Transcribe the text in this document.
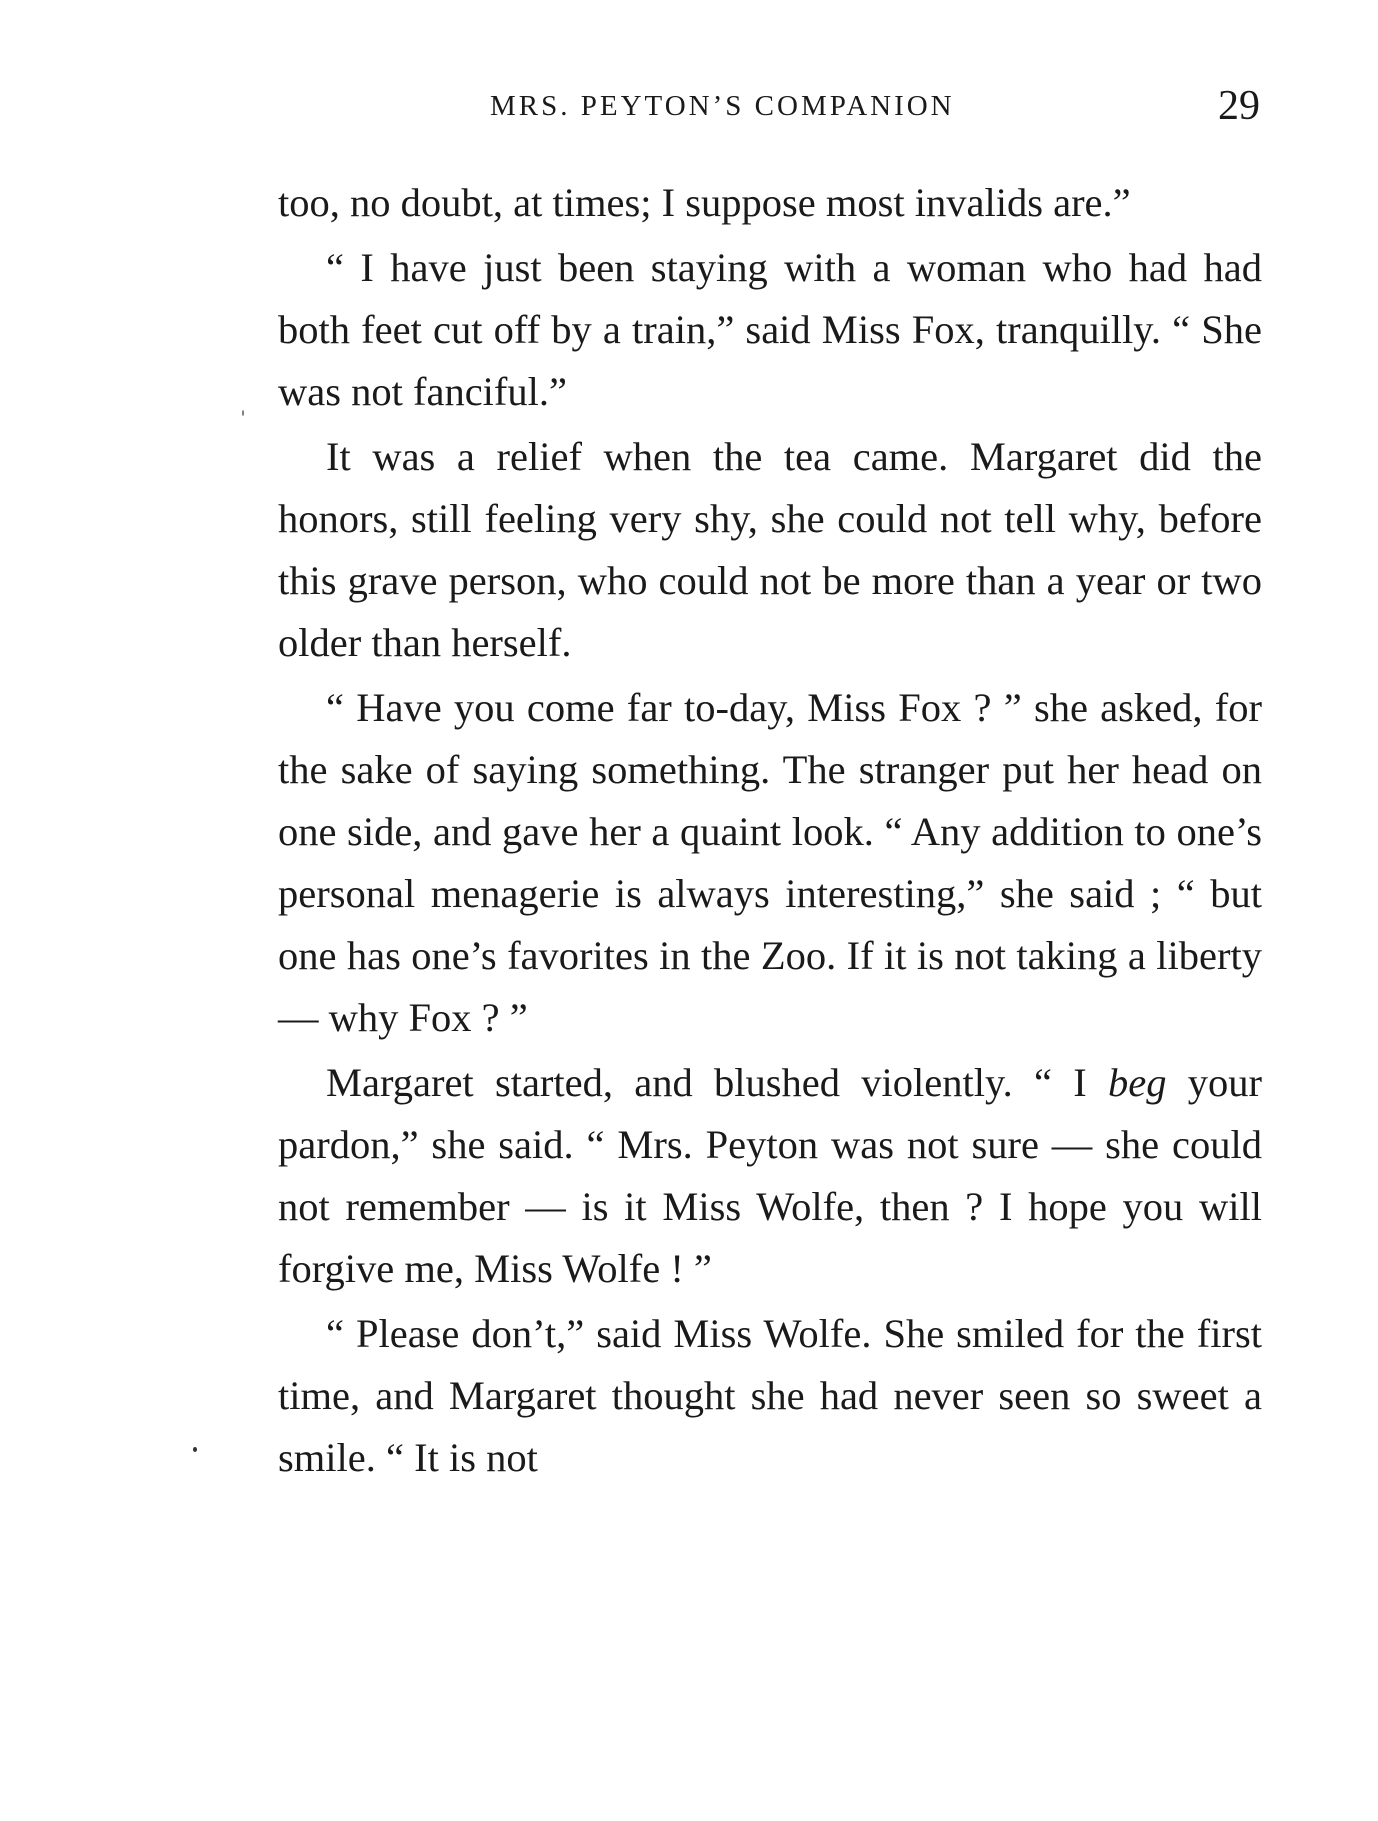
MRS. PEYTON’S COMPANION	29

too, no doubt, at times; I suppose most invalids are.”

“ I have just been staying with a woman who had had both feet cut off by a train,” said Miss Fox, tranquilly. “ She was not fanciful.”

It was a relief when the tea came. Margaret did the honors, still feeling very shy, she could not tell why, before this grave person, who could not be more than a year or two older than herself.

“ Have you come far to-day, Miss Fox ? ” she asked, for the sake of saying something. The stranger put her head on one side, and gave her a quaint look. “ Any addition to one’s personal menagerie is always interesting,” she said ; “ but one has one’s favorites in the Zoo. If it is not taking a liberty — why Fox ? ”

Margaret started, and blushed violently. “ I beg your pardon,” she said. “ Mrs. Peyton was not sure — she could not remember — is it Miss Wolfe, then ? I hope you will forgive me, Miss Wolfe ! ”

“ Please don’t,” said Miss Wolfe. She smiled for the first time, and Margaret thought she had never seen so sweet a smile. “ It is not
